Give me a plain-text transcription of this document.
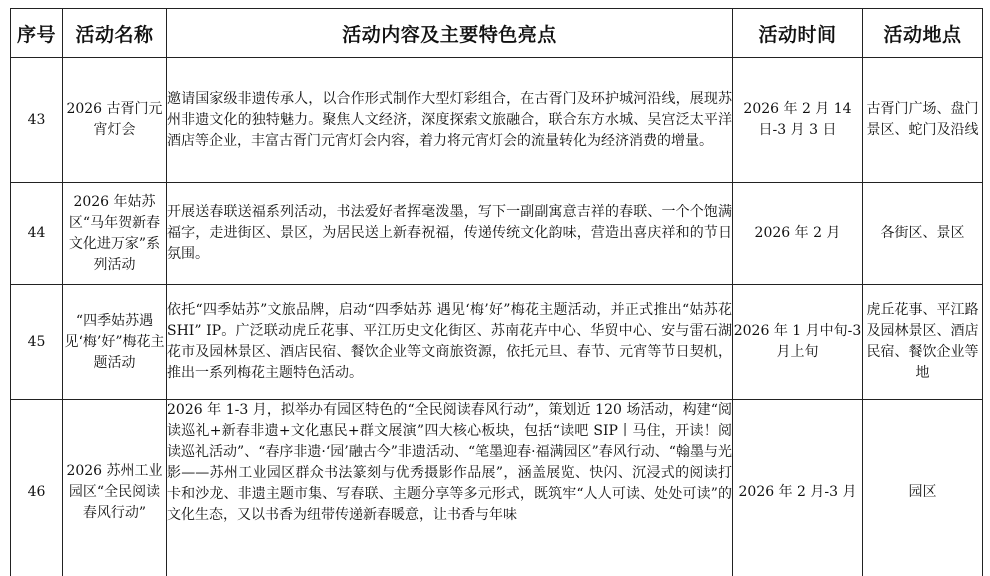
序号	活动名称	活动内容及主要特色亮点	活动时间	活动地点
43	2026 古胥门元宵灯会	邀请国家级非遗传承人，以合作形式制作大型灯彩组合，在古胥门及环护城河沿线，展现苏州非遗文化的独特魅力。聚焦人文经济，深度探索文旅融合，联合东方水城、吴宫泛太平洋酒店等企业，丰富古胥门元宵灯会内容，着力将元宵灯会的流量转化为经济消费的增量。	2026 年 2 月 14 日-3 月 3 日	古胥门广场、盘门景区、蛇门及沿线
44	2026 年姑苏区“马年贺新春 文化进万家”系列活动	开展送春联送福系列活动，书法爱好者挥毫泼墨，写下一副副寓意吉祥的春联、一个个饱满福字，走进街区、景区，为居民送上新春祝福，传递传统文化韵味，营造出喜庆祥和的节日氛围。	2026 年 2 月	各街区、景区
45	“四季姑苏遇见‘梅’好”梅花主题活动	依托“四季姑苏”文旅品牌，启动“四季姑苏 遇见‘梅’好”梅花主题活动，并正式推出“姑苏花 SHI” IP。广泛联动虎丘花事、平江历史文化街区、苏南花卉中心、华贸中心、安与雷石湖花市及园林景区、酒店民宿、餐饮企业等文商旅资源，依托元旦、春节、元宵等节日契机，推出一系列梅花主题特色活动。	2026 年 1 月中旬-3 月上旬	虎丘花事、平江路及园林景区、酒店民宿、餐饮企业等地
46	2026 苏州工业园区“全民阅读春风行动”	2026 年 1-3 月，拟举办有园区特色的“全民阅读春风行动”，策划近 120 场活动，构建“阅读巡礼+新春非遗+文化惠民+群文展演”四大核心板块，包括“读吧 SIP丨马住，开读！阅读巡礼活动”、“春序非遗·‘园’融古今”非遗活动、“笔墨迎春·福满园区”春风行动、“翰墨与光影——苏州工业园区群众书法篆刻与优秀摄影作品展”，涵盖展览、快闪、沉浸式的阅读打卡和沙龙、非遗主题市集、写春联、主题分享等多元形式，既筑牢“人人可读、处处可读”的文化生态，又以书香为纽带传递新春暖意，让书香与年味	2026 年 2 月-3 月	园区
